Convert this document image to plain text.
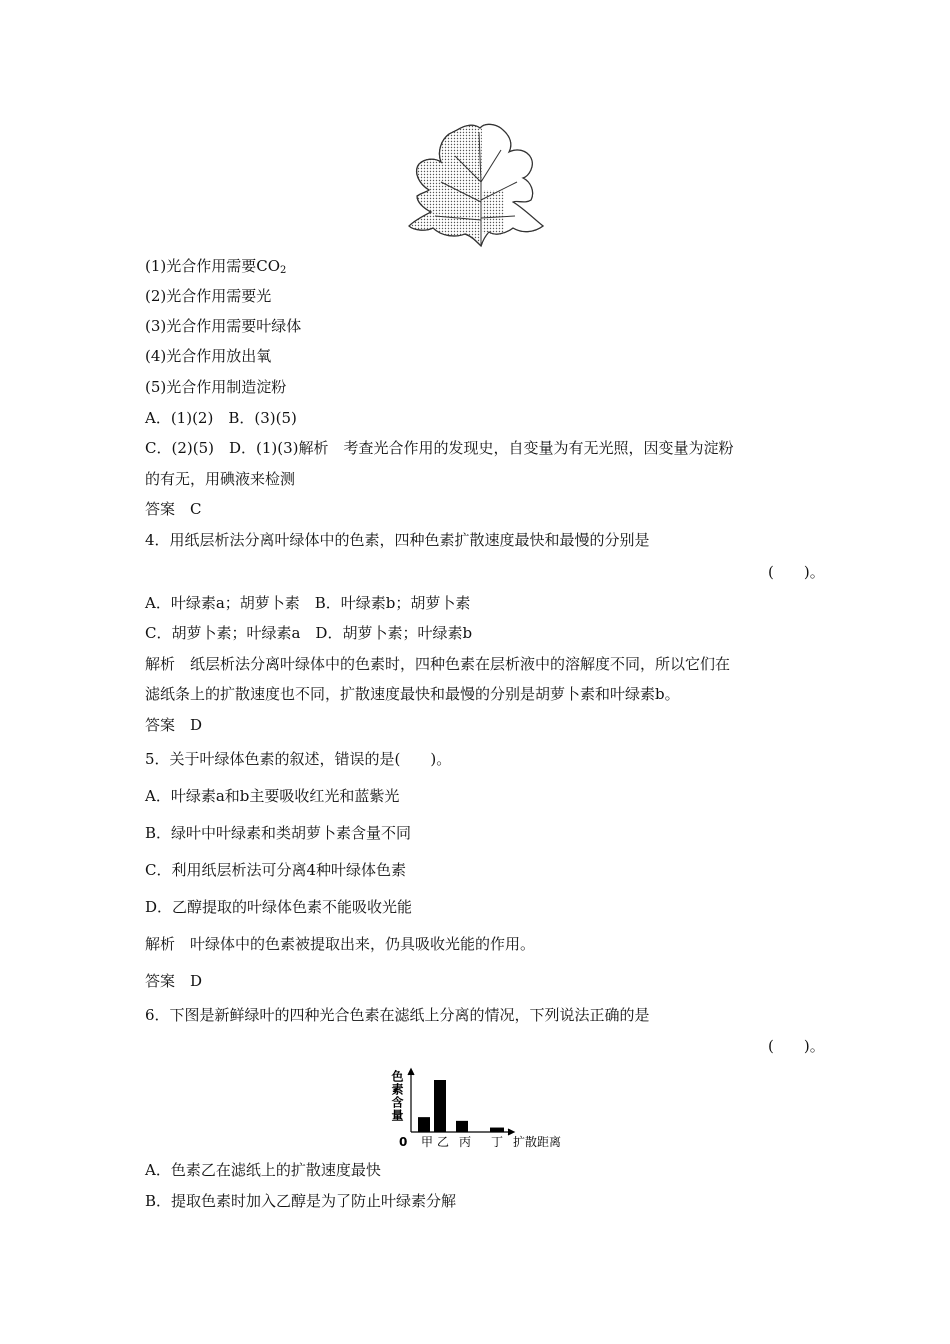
(1)光合作用需要$CO_2$
(2)光合作用需要光
(3)光合作用需要叶绿体
(4)光合作用放出氧
(5)光合作用制造淀粉
A．(1)(2)　B．(3)(5)
C．(2)(5)　D．(1)(3)解析　考查光合作用的发现史，自变量为有无光照，因变量为淀粉
的有无，用碘液来检测
答案　C
4．用纸层析法分离叶绿体中的色素，四种色素扩散速度最快和最慢的分别是
(　　)。
A．叶绿素a；胡萝卜素　B．叶绿素b；胡萝卜素
C．胡萝卜素；叶绿素a　D．胡萝卜素；叶绿素b
解析　纸层析法分离叶绿体中的色素时，四种色素在层析液中的溶解度不同，所以它们在
滤纸条上的扩散速度也不同，扩散速度最快和最慢的分别是胡萝卜素和叶绿素b。
答案　D
5．关于叶绿体色素的叙述，错误的是(　　)。
A．叶绿素a和b主要吸收红光和蓝紫光
B．绿叶中叶绿素和类胡萝卜素含量不同
C．利用纸层析法可分离4种叶绿体色素
D．乙醇提取的叶绿体色素不能吸收光能
解析　叶绿体中的色素被提取出来，仍具吸收光能的作用。
答案　D
6．下图是新鲜绿叶的四种光合色素在滤纸上分离的情况，下列说法正确的是
(　　)。
色素含量
0	扩散距离
甲 乙 丙 丁
A．色素乙在滤纸上的扩散速度最快
B．提取色素时加入乙醇是为了防止叶绿素分解
